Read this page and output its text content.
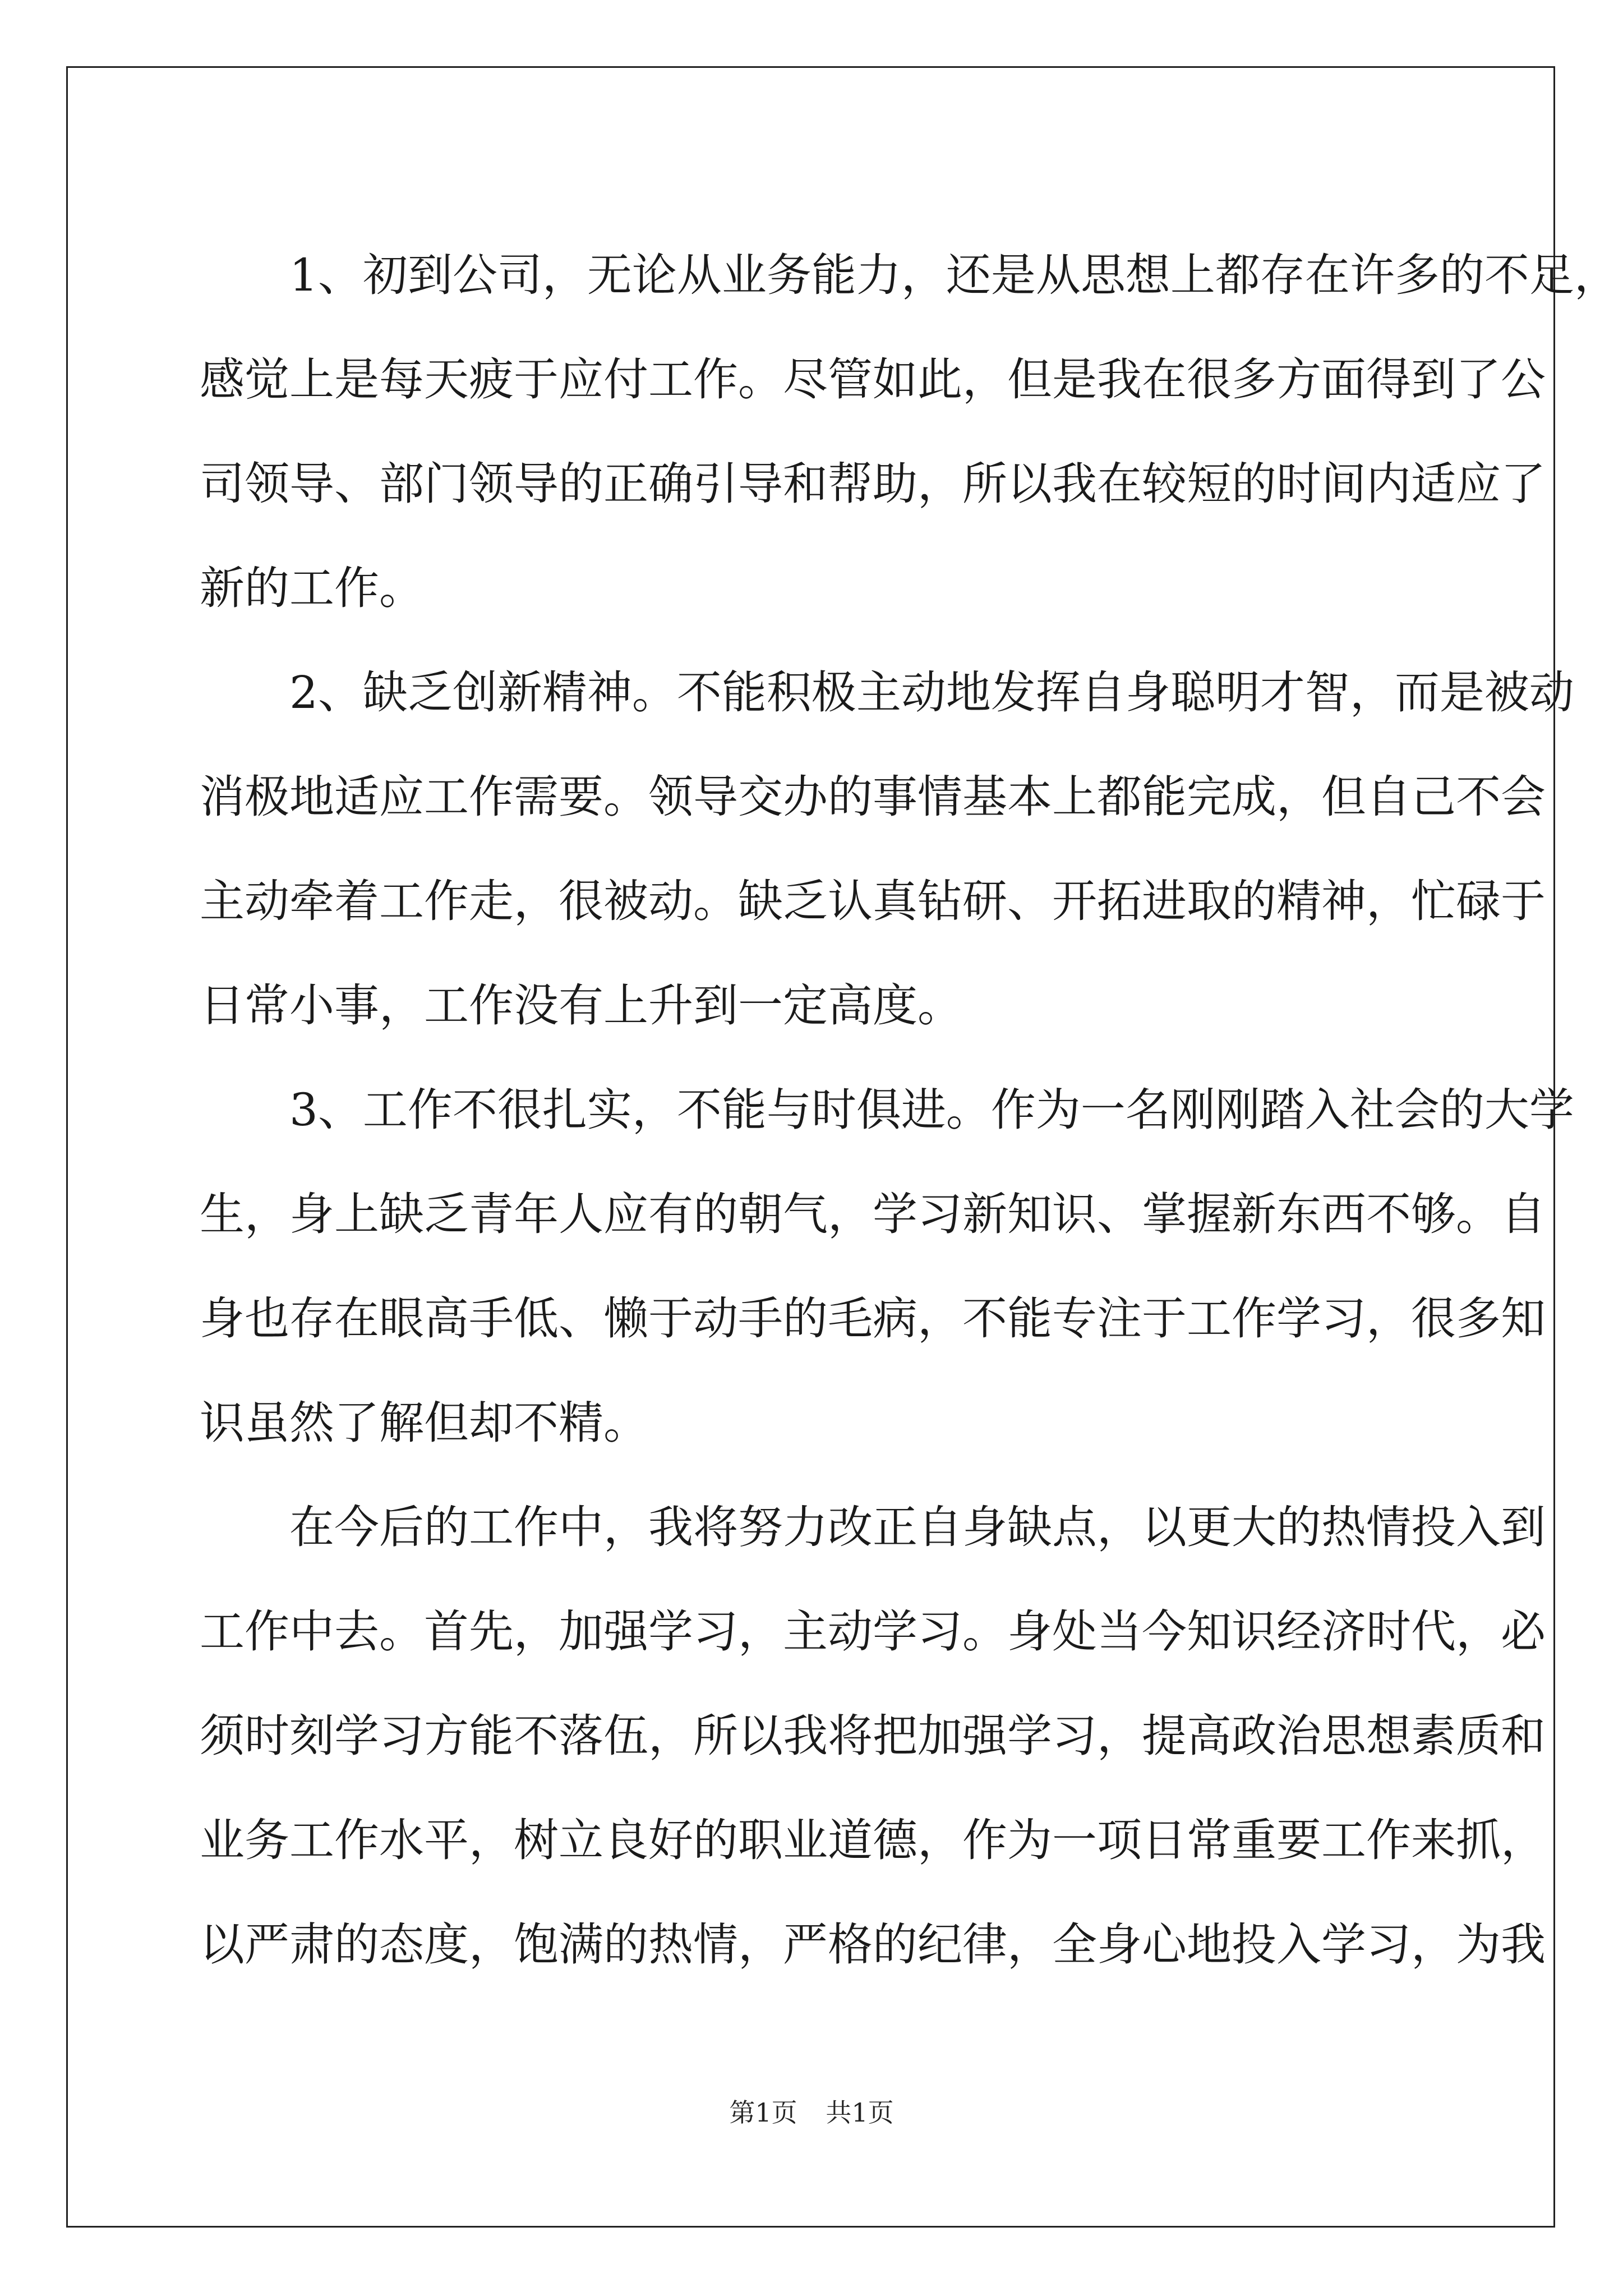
1、初到公司，无论从业务能力，还是从思想上都存在许多的不足，
感觉上是每天疲于应付工作。尽管如此，但是我在很多方面得到了公
司领导、部门领导的正确引导和帮助，所以我在较短的时间内适应了
新的工作。
2、缺乏创新精神。不能积极主动地发挥自身聪明才智，而是被动
消极地适应工作需要。领导交办的事情基本上都能完成，但自己不会
主动牵着工作走，很被动。缺乏认真钻研、开拓进取的精神，忙碌于
日常小事，工作没有上升到一定高度。
3、工作不很扎实，不能与时俱进。作为一名刚刚踏入社会的大学
生，身上缺乏青年人应有的朝气，学习新知识、掌握新东西不够。自
身也存在眼高手低、懒于动手的毛病，不能专注于工作学习，很多知
识虽然了解但却不精。
在今后的工作中，我将努力改正自身缺点，以更大的热情投入到
工作中去。首先，加强学习，主动学习。身处当今知识经济时代，必
须时刻学习方能不落伍，所以我将把加强学习，提高政治思想素质和
业务工作水平，树立良好的职业道德，作为一项日常重要工作来抓，
以严肃的态度，饱满的热情，严格的纪律，全身心地投入学习，为我
第1页 共1页
